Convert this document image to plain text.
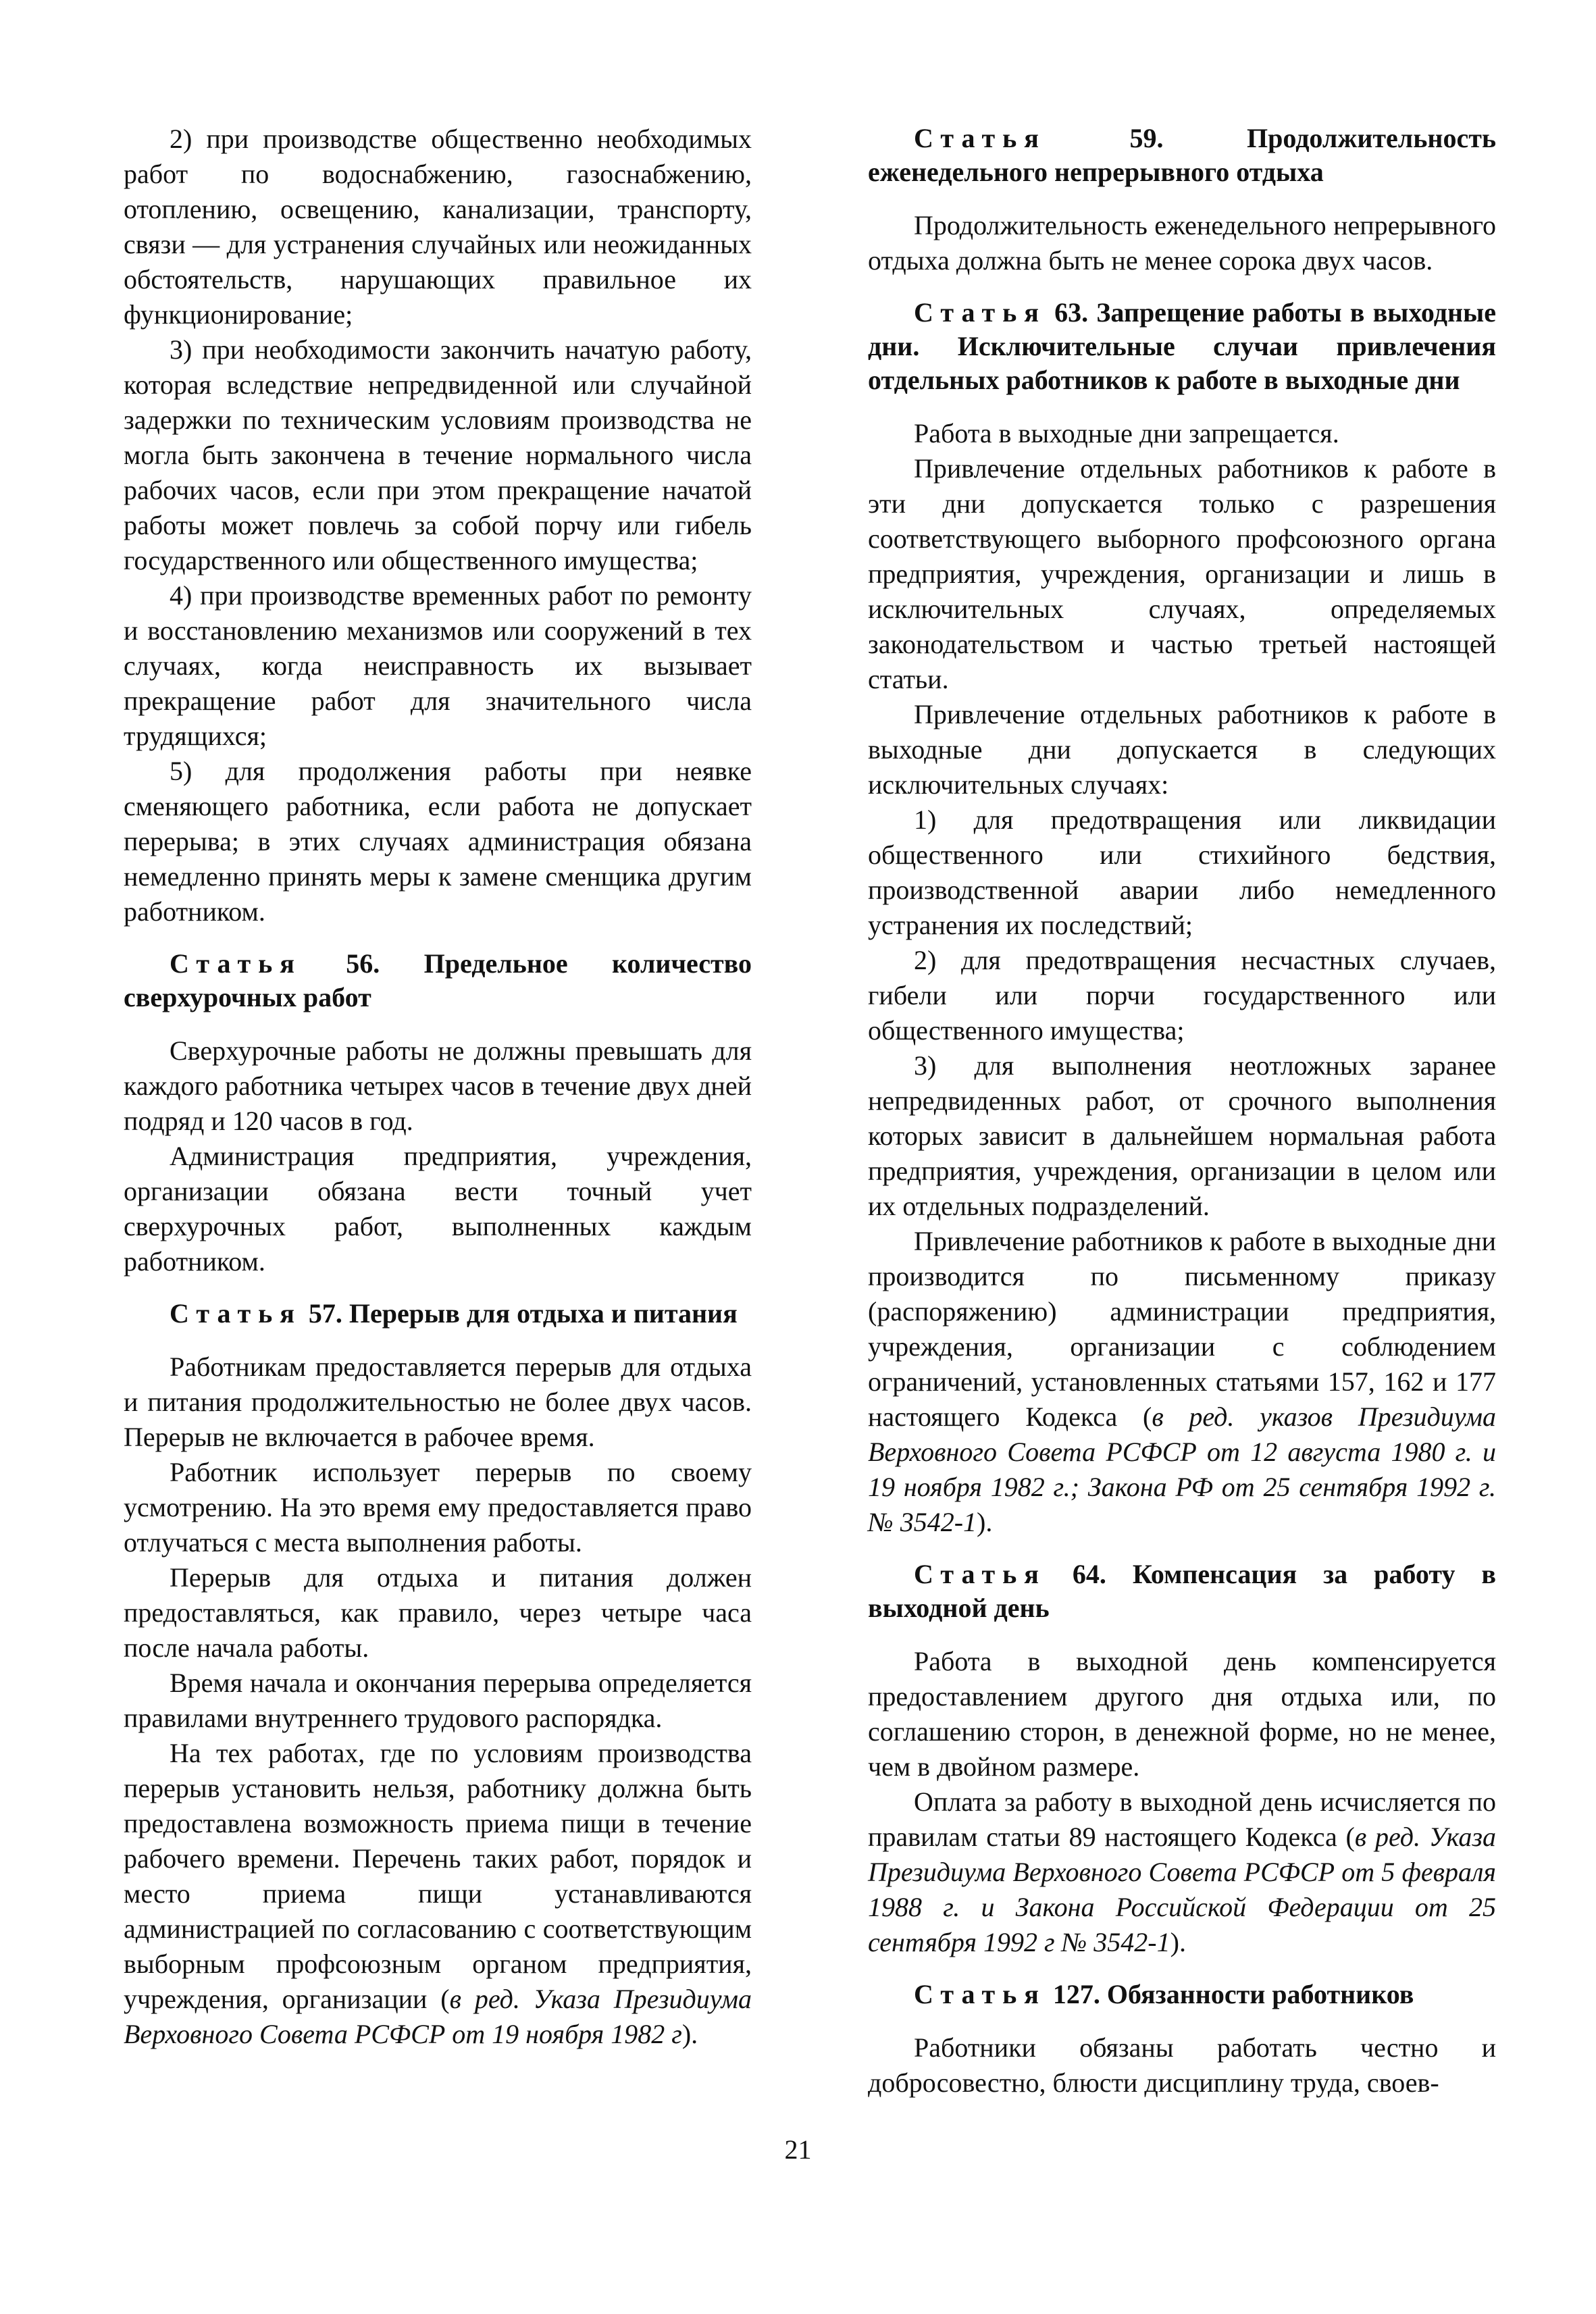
2) при производстве общественно необходимых работ по водоснабжению, газоснабжению, отоплению, освещению, канализации, транспорту, связи — для устранения случайных или неожиданных обстоятельств, нарушающих правильное их функционирование;

3) при необходимости закончить начатую работу, которая вследствие непредвиденной или случайной задержки по техническим условиям производства не могла быть закончена в течение нормального числа рабочих часов, если при этом прекращение начатой работы может повлечь за собой порчу или гибель государственного или общественного имущества;

4) при производстве временных работ по ремонту и восстановлению механизмов или сооружений в тех случаях, когда неисправность их вызывает прекращение работ для значительного числа трудящихся;

5) для продолжения работы при неявке сменяющего работника, если работа не допускает перерыва; в этих случаях администрация обязана немедленно принять меры к замене сменщика другим работником.

Статья 56. Предельное количество сверхурочных работ

Сверхурочные работы не должны превышать для каждого работника четырех часов в течение двух дней подряд и 120 часов в год.

Администрация предприятия, учреждения, организации обязана вести точный учет сверхурочных работ, выполненных каждым работником.

Статья 57. Перерыв для отдыха и питания

Работникам предоставляется перерыв для отдыха и питания продолжительностью не более двух часов. Перерыв не включается в рабочее время.

Работник использует перерыв по своему усмотрению. На это время ему предоставляется право отлучаться с места выполнения работы.

Перерыв для отдыха и питания должен предоставляться, как правило, через четыре часа после начала работы.

Время начала и окончания перерыва определяется правилами внутреннего трудового распорядка.

На тех работах, где по условиям производства перерыв установить нельзя, работнику должна быть предоставлена возможность приема пищи в течение рабочего времени. Перечень таких работ, порядок и место приема пищи устанавливаются администрацией по согласованию с соответствующим выборным профсоюзным органом предприятия, учреждения, организации (в ред. Указа Президиума Верховного Совета РСФСР от 19 ноября 1982 г).

Статья	59. Продолжительность еженедельного непрерывного отдыха

Продолжительность еженедельного непрерывного отдыха должна быть не менее сорока двух часов.

Статья 63. Запрещение работы в выходные дни. Исключительные случаи привлечения отдельных работников к работе в выходные дни

Работа в выходные дни запрещается.

Привлечение отдельных работников к работе в эти дни допускается только с разрешения соответствующего выборного профсоюзного органа предприятия, учреждения, организации и лишь в исключительных случаях, определяемых законодательством и частью третьей настоящей статьи.

Привлечение отдельных работников к работе в выходные дни допускается в следующих исключительных случаях:

1) для предотвращения или ликвидации общественного или стихийного бедствия, производственной аварии либо немедленного устранения их последствий;

2) для предотвращения несчастных случаев, гибели или порчи государственного или общественного имущества;

3) для выполнения неотложных заранее непредвиденных работ, от срочного выполнения которых зависит в дальнейшем нормальная работа предприятия, учреждения, организации в целом или их отдельных подразделений.

Привлечение работников к работе в выходные дни производится по письменному приказу (распоряжению) администрации предприятия, учреждения, организации с соблюдением ограничений, установленных статьями 157, 162 и 177 настоящего Кодекса (в ред. указов Президиума Верховного Совета РСФСР от 12 августа 1980 г. и 19 ноября 1982 г.; Закона РФ от 25 сентября 1992 г. № 3542-1).

Статья 64. Компенсация за работу в выходной день

Работа в выходной день компенсируется предоставлением другого дня отдыха или, по соглашению сторон, в денежной форме, но не менее, чем в двойном размере.

Оплата за работу в выходной день исчисляется по правилам статьи 89 настоящего Кодекса (в ред. Указа Президиума Верховного Совета РСФСР от 5 февраля 1988 г. и Закона Российской Федерации от 25 сентября 1992 г № 3542-1).

Статья 127. Обязанности работников

Работники обязаны работать честно и добросовестно, блюсти дисциплину труда, своев-

21
